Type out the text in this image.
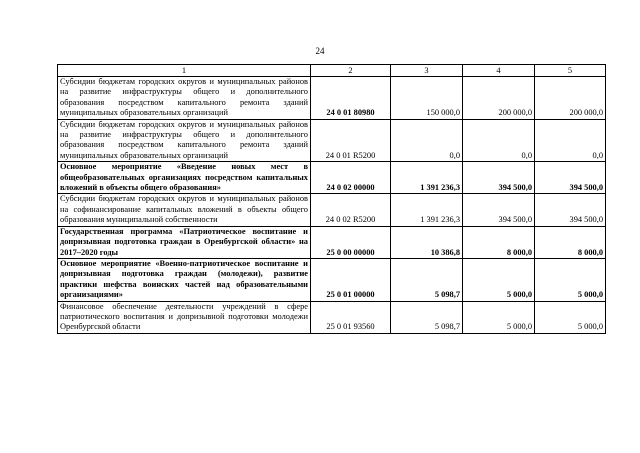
24
1	2	3	4	5
Субсидии бюджетам городских округов и муниципальных районов на развитие инфраструктуры общего и дополнительного образования посредством капитального ремонта зданий муниципальных образовательных организаций	24 0 01 80980	150 000,0	200 000,0	200 000,0
Субсидии бюджетам городских округов и муниципальных районов на развитие инфраструктуры общего и дополнительного образования посредством капитального ремонта зданий муниципальных образовательных организаций	24 0 01 R5200	0,0	0,0	0,0
Основное мероприятие «Введение новых мест в общеобразовательных организациях посредством капитальных вложений в объекты общего образования»	24 0 02 00000	1 391 236,3	394 500,0	394 500,0
Субсидии бюджетам городских округов и муниципальных районов на софинансирование капитальных вложений в объекты общего образования муниципальной собственности	24 0 02 R5200	1 391 236,3	394 500,0	394 500,0
Государственная программа «Патриотическое воспитание и допризывная подготовка граждан в Оренбургской области» на 2017–2020 годы	25 0 00 00000	10 386,8	8 000,0	8 000,0
Основное мероприятие «Военно-патриотическое воспитание и допризывная подготовка граждан (молодежи), развитие практики шефства воинских частей над образовательными организациями»	25 0 01 00000	5 098,7	5 000,0	5 000,0
Финансовое обеспечение деятельности учреждений в сфере патриотического воспитания и допризывной подготовки молодежи Оренбургской области	25 0 01 93560	5 098,7	5 000,0	5 000,0
